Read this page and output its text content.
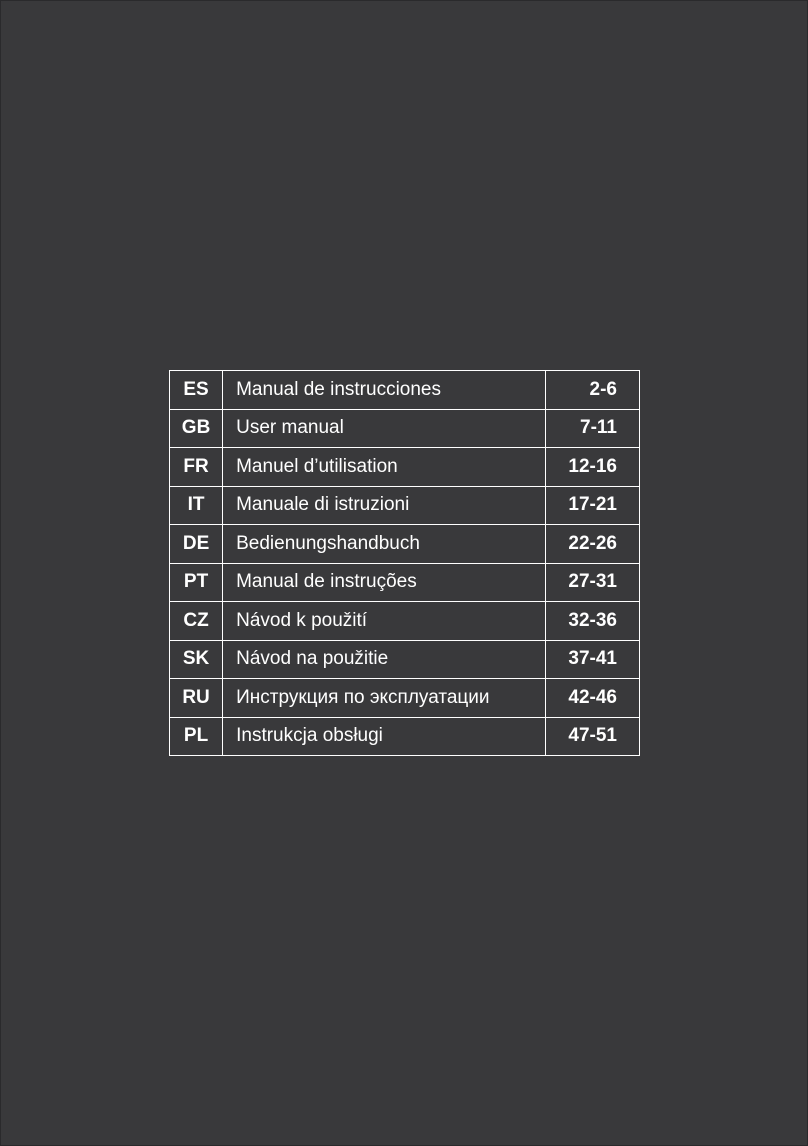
ES	Manual de instrucciones	2-6
GB	User manual	7-11
FR	Manuel d’utilisation	12-16
IT	Manuale di istruzioni	17-21
DE	Bedienungshandbuch	22-26
PT	Manual de instruções	27-31
CZ	Návod k použití	32-36
SK	Návod na použitie	37-41
RU	Инструкция по эксплуатации	42-46
PL	Instrukcja obsługi	47-51
